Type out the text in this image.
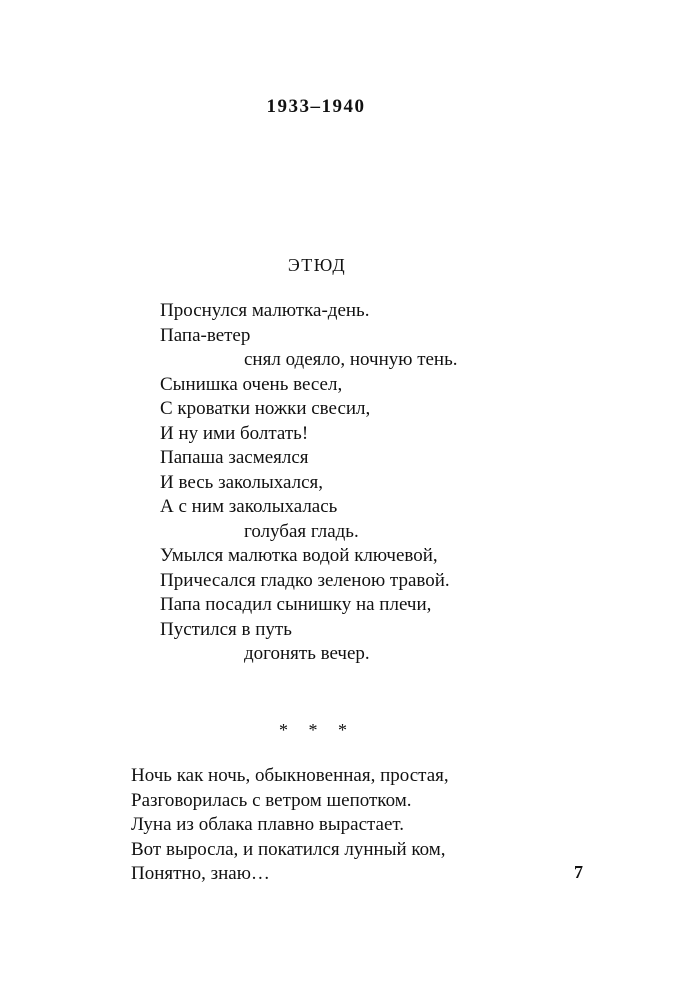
1933–1940
ЭТЮД
Проснулся малютка-день.
Папа-ветер
снял одеяло, ночную тень.
Сынишка очень весел,
С кроватки ножки свесил,
И ну ими болтать!
Папаша засмеялся
И весь заколыхался,
А с ним заколыхалась
голубая гладь.
Умылся малютка водой ключевой,
Причесался гладко зеленою травой.
Папа посадил сынишку на плечи,
Пустился в путь
догонять вечер.
* * *
Ночь как ночь, обыкновенная, простая,
Разговорилась с ветром шепотком.
Луна из облака плавно вырастает.
Вот выросла, и покатился лунный ком,
Понятно, знаю…	7
